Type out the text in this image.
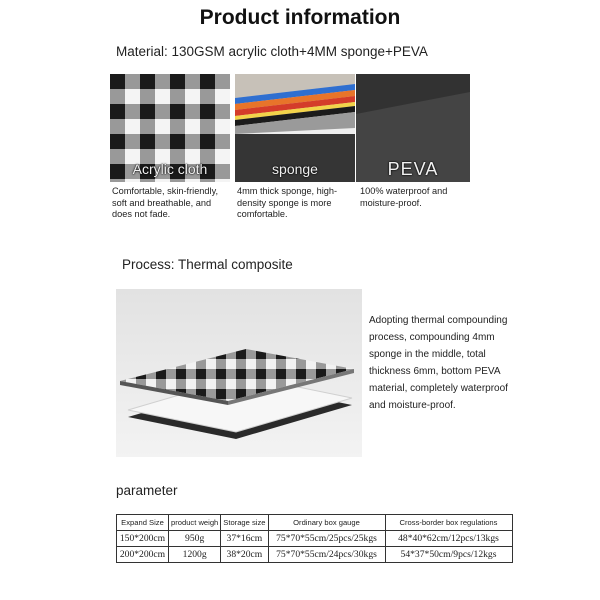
Product information
Material: 130GSM acrylic cloth+4MM sponge+PEVA
Acrylic cloth
Comfortable, skin-friendly, soft and breathable, and does not fade.
sponge
4mm thick sponge, high-density sponge is more comfortable.
PEVA
100% waterproof and moisture-proof.
Process: Thermal composite
Adopting thermal compounding process, compounding 4mm sponge in the middle, total thickness 6mm, bottom PEVA material, completely waterproof and moisture-proof.
parameter
Expand Size	product weigh	Storage size	Ordinary box gauge	Cross-border box regulations
150*200cm	950g	37*16cm	75*70*55cm/25pcs/25kgs	48*40*62cm/12pcs/13kgs
200*200cm	1200g	38*20cm	75*70*55cm/24pcs/30kgs	54*37*50cm/9pcs/12kgs
